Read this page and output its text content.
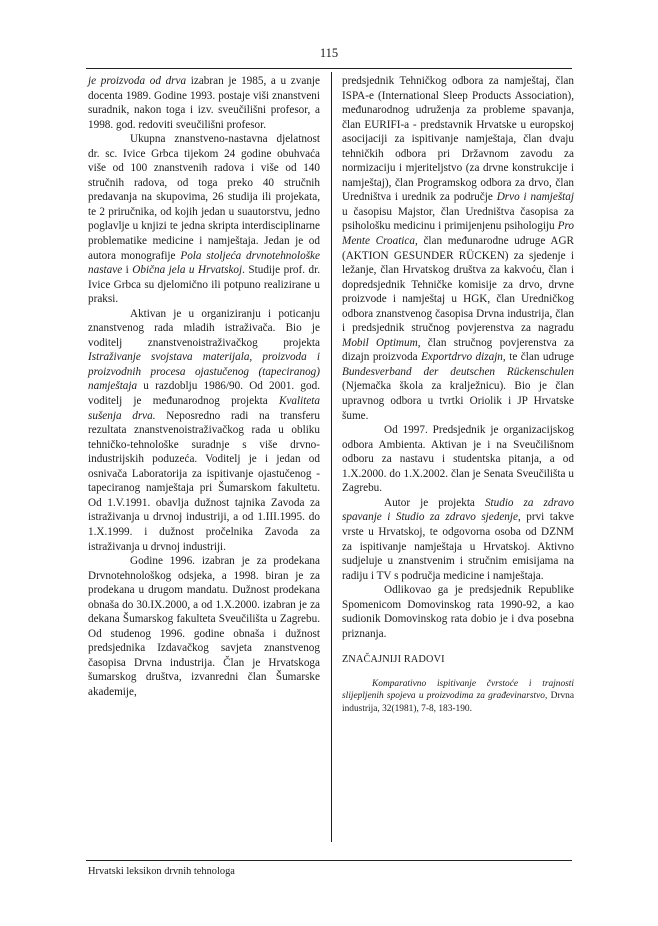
115

je proizvoda od drva izabran je 1985, a u zvanje docenta 1989. Godine 1993. postaje viši znanstveni suradnik, nakon toga i izv. sveučilišni profesor, a 1998. god. redoviti sveučilišni profesor.

Ukupna znanstveno-nastavna djelatnost dr. sc. Ivice Grbca tijekom 24 godine obuhvaća više od 100 znanstvenih radova i više od 140 stručnih radova, od toga preko 40 stručnih predavanja na skupovima, 26 studija ili projekata, te 2 priručnika, od kojih jedan u suautorstvu, jedno poglavlje u knjizi te jedna skripta interdisciplinarne problematike medicine i namještaja. Jedan je od autora monografije Pola stoljeća drvnotehnološke nastave i Obična jela u Hrvatskoj. Studije prof. dr. Ivice Grbca su djelomično ili potpuno realizirane u praksi.

Aktivan je u organiziranju i poticanju znanstvenog rada mladih istraživača. Bio je voditelj znanstvenoistraživačkog projekta Istraživanje svojstava materijala, proizvoda i proizvodnih procesa ojastučenog (tapeciranog) namještaja u razdoblju 1986/90. Od 2001. god. voditelj je međunarodnog projekta Kvaliteta sušenja drva. Neposredno radi na transferu rezultata znanstvenoistraživačkog rada u obliku tehničko-tehnološke suradnje s više drvno-industrijskih poduzeća. Voditelj je i jedan od osnivača Laboratorija za ispitivanje ojastučenog - tapeciranog namještaja pri Šumarskom fakultetu. Od 1.V.1991. obavlja dužnost tajnika Zavoda za istraživanja u drvnoj industriji, a od 1.III.1995. do 1.X.1999. i dužnost pročelnika Zavoda za istraživanja u drvnoj industriji.

Godine 1996. izabran je za prodekana Drvnotehnološkog odsjeka, a 1998. biran je za prodekana u drugom mandatu. Dužnost prodekana obnaša do 30.IX.2000, a od 1.X.2000. izabran je za dekana Šumarskog fakulteta Sveučilišta u Zagrebu. Od studenog 1996. godine obnaša i dužnost predsjednika Izdavačkog savjeta znanstvenog časopisa Drvna industrija. Član je Hrvatskoga šumarskog društva, izvanredni član Šumarske akademije,

predsjednik Tehničkog odbora za namještaj, član ISPA-e (International Sleep Products Association), međunarodnog udruženja za probleme spavanja, član EURIFI-a - predstavnik Hrvatske u europskoj asocijaciji za ispitivanje namještaja, član dvaju tehničkih odbora pri Državnom zavodu za normizaciju i mjeriteljstvo (za drvne konstrukcije i namještaj), član Programskog odbora za drvo, član Uredništva i urednik za područje Drvo i namještaj u časopisu Majstor, član Uredništva časopisa za psihološku medicinu i primijenjenu psihologiju Pro Mente Croatica, član međunarodne udruge AGR (AKTION GESUNDER RÜCKEN) za sjedenje i ležanje, član Hrvatskog društva za kakvoću, član i dopredsjednik Tehničke komisije za drvo, drvne proizvode i namještaj u HGK, član Uredničkog odbora znanstvenog časopisa Drvna industrija, član i predsjednik stručnog povjerenstva za nagradu Mobil Optimum, član stručnog povjerenstva za dizajn proizvoda Exportdrvo dizajn, te član udruge Bundesverband der deutschen Rückenschulen (Njemačka škola za kralježnicu). Bio je član upravnog odbora u tvrtki Oriolik i JP Hrvatske šume.

Od 1997. Predsjednik je organizacijskog odbora Ambienta. Aktivan je i na Sveučilišnom odboru za nastavu i studentska pitanja, a od 1.X.2000. do 1.X.2002. član je Senata Sveučilišta u Zagrebu.

Autor je projekta Studio za zdravo spavanje i Studio za zdravo sjedenje, prvi takve vrste u Hrvatskoj, te odgovorna osoba od DZNM za ispitivanje namještaja u Hrvatskoj. Aktivno sudjeluje u znanstvenim i stručnim emisijama na radiju i TV s područja medicine i namještaja.

Odlikovao ga je predsjednik Republike Spomenicom Domovinskog rata 1990-92, a kao sudionik Domovinskog rata dobio je i dva posebna priznanja.

ZNAČAJNIJI RADOVI

Komparativno ispitivanje čvrstoće i trajnosti slijepljenih spojeva u proizvodima za građevinarstvo, Drvna industrija, 32(1981), 7-8, 183-190.

Hrvatski leksikon drvnih tehnologa
